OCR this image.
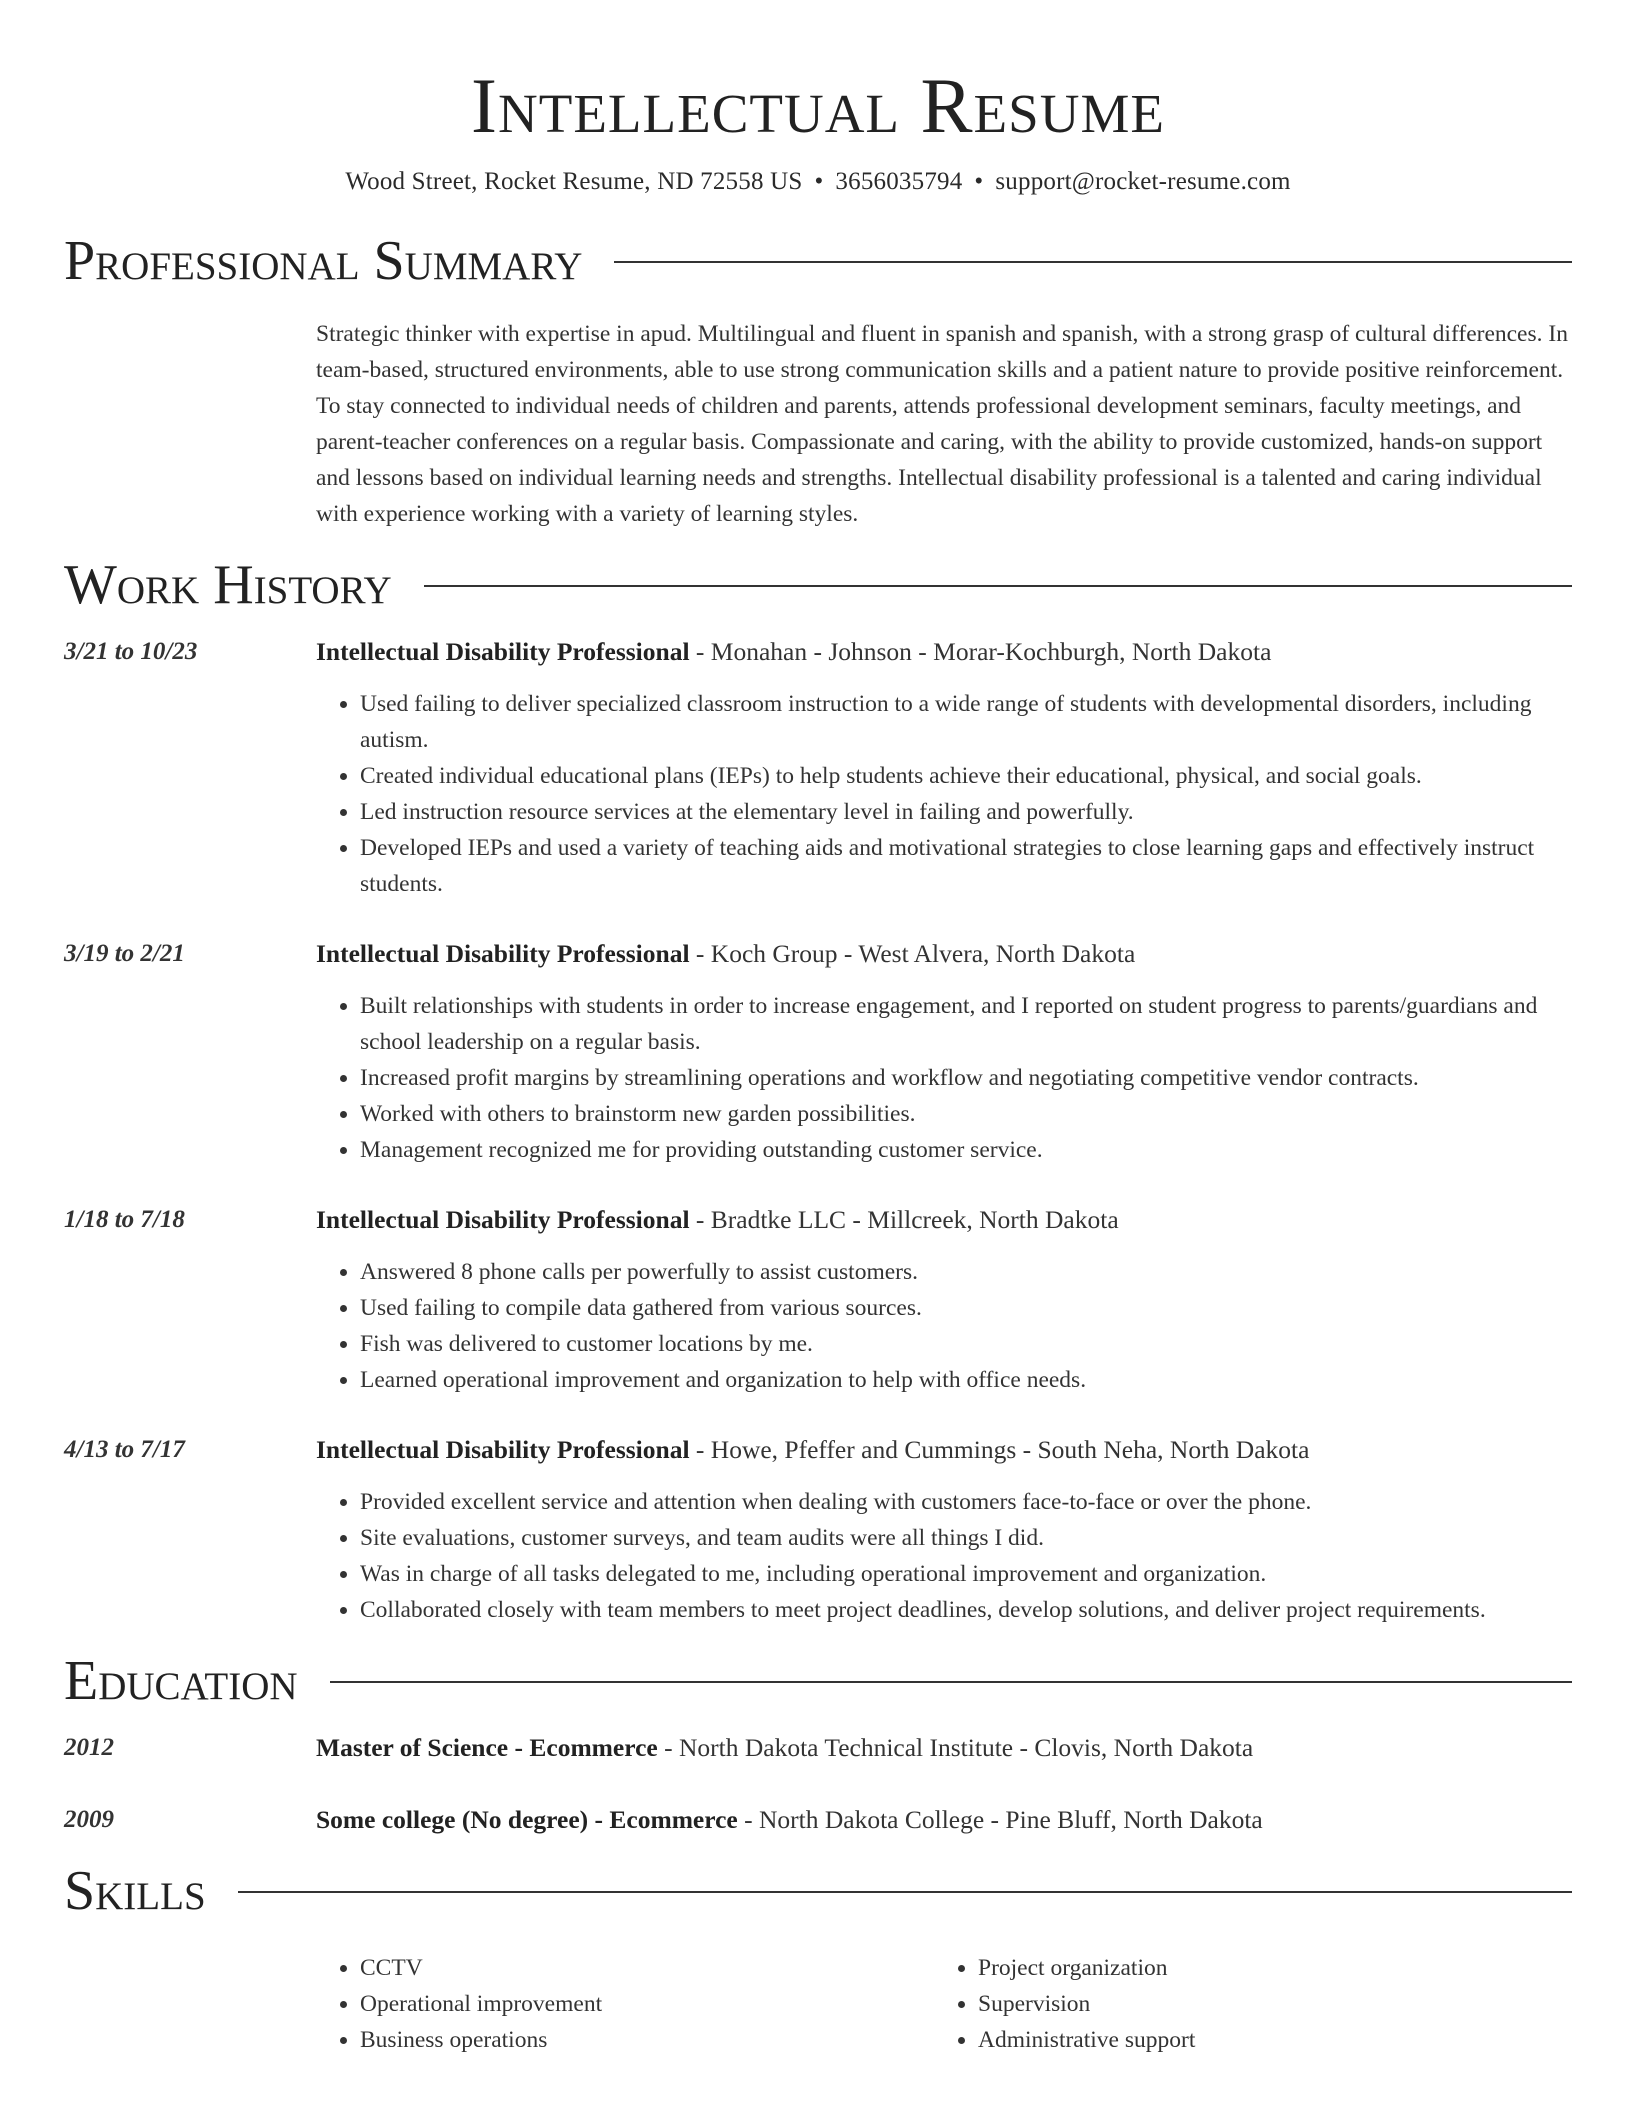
Intellectual Resume
Wood Street, Rocket Resume, ND 72558 US • 3656035794 • support@rocket-resume.com
Professional Summary

Strategic thinker with expertise in apud. Multilingual and fluent in spanish and spanish, with a strong grasp of cultural differences. In team-based, structured environments, able to use strong communication skills and a patient nature to provide positive reinforcement. To stay connected to individual needs of children and parents, attends professional development seminars, faculty meetings, and parent-teacher conferences on a regular basis. Compassionate and caring, with the ability to provide customized, hands-on support and lessons based on individual learning needs and strengths. Intellectual disability professional is a talented and caring individual with experience working with a variety of learning styles.

Work History
3/21 to 10/23	Intellectual Disability Professional - Monahan - Johnson - Morar-Kochburgh, North Dakota
• Used failing to deliver specialized classroom instruction to a wide range of students with developmental disorders, including autism.
• Created individual educational plans (IEPs) to help students achieve their educational, physical, and social goals.
• Led instruction resource services at the elementary level in failing and powerfully.
• Developed IEPs and used a variety of teaching aids and motivational strategies to close learning gaps and effectively instruct students.
3/19 to 2/21	Intellectual Disability Professional - Koch Group - West Alvera, North Dakota
• Built relationships with students in order to increase engagement, and I reported on student progress to parents/guardians and school leadership on a regular basis.
• Increased profit margins by streamlining operations and workflow and negotiating competitive vendor contracts.
• Worked with others to brainstorm new garden possibilities.
• Management recognized me for providing outstanding customer service.
1/18 to 7/18	Intellectual Disability Professional - Bradtke LLC - Millcreek, North Dakota
• Answered 8 phone calls per powerfully to assist customers.
• Used failing to compile data gathered from various sources.
• Fish was delivered to customer locations by me.
• Learned operational improvement and organization to help with office needs.
4/13 to 7/17	Intellectual Disability Professional - Howe, Pfeffer and Cummings - South Neha, North Dakota
• Provided excellent service and attention when dealing with customers face-to-face or over the phone.
• Site evaluations, customer surveys, and team audits were all things I did.
• Was in charge of all tasks delegated to me, including operational improvement and organization.
• Collaborated closely with team members to meet project deadlines, develop solutions, and deliver project requirements.
Education
2012	Master of Science - Ecommerce - North Dakota Technical Institute - Clovis, North Dakota
2009	Some college (No degree) - Ecommerce - North Dakota College - Pine Bluff, North Dakota
Skills
• CCTV
• Operational improvement
• Business operations
• Project organization
• Supervision
• Administrative support
